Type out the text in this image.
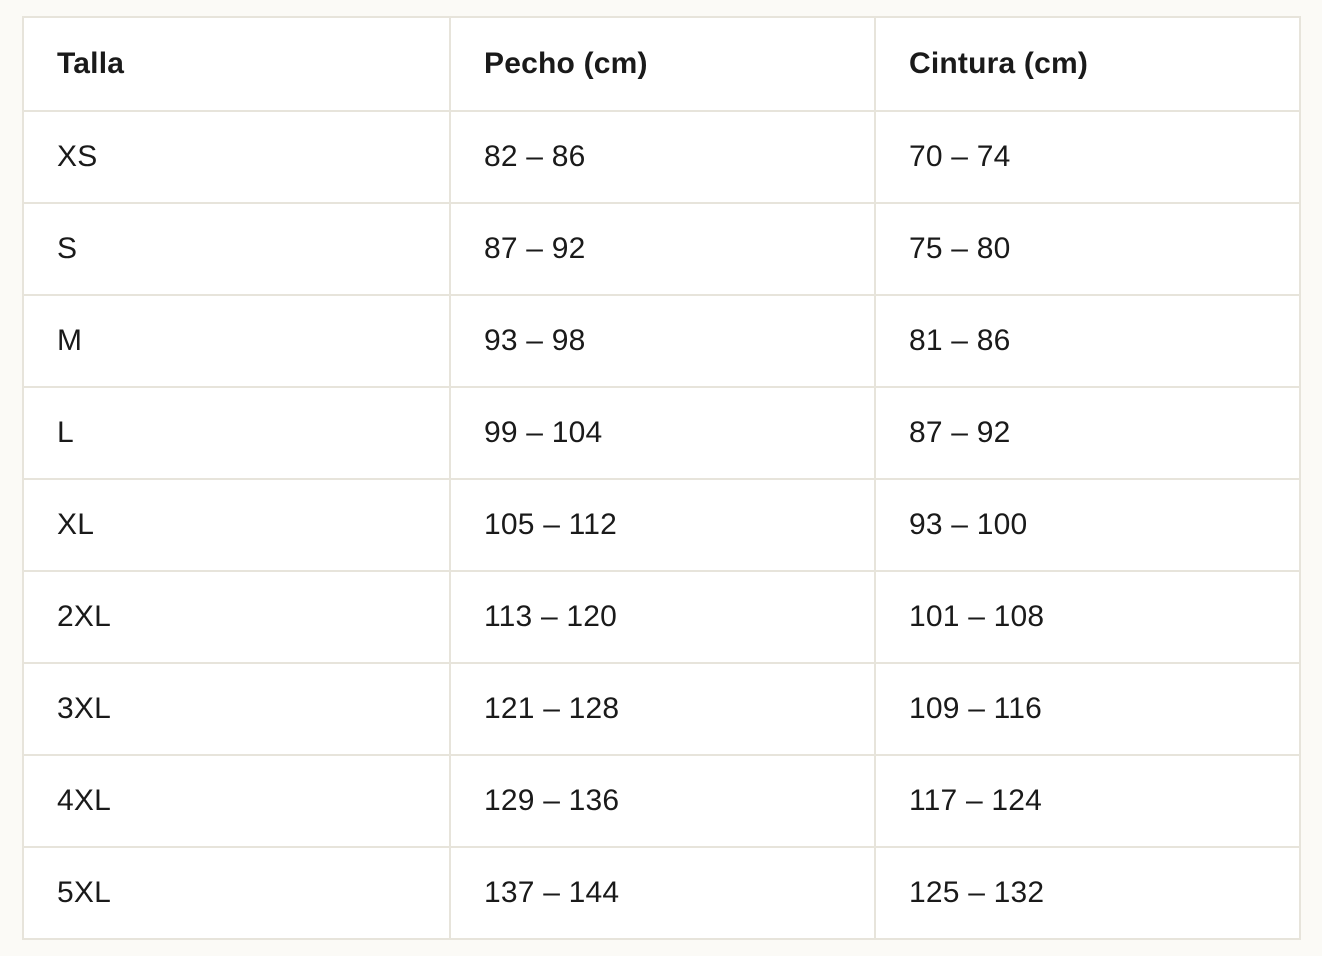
Talla	Pecho (cm)	Cintura (cm)
XS	82 – 86	70 – 74
S	87 – 92	75 – 80
M	93 – 98	81 – 86
L	99 – 104	87 – 92
XL	105 – 112	93 – 100
2XL	113 – 120	101 – 108
3XL	121 – 128	109 – 116
4XL	129 – 136	117 – 124
5XL	137 – 144	125 – 132
